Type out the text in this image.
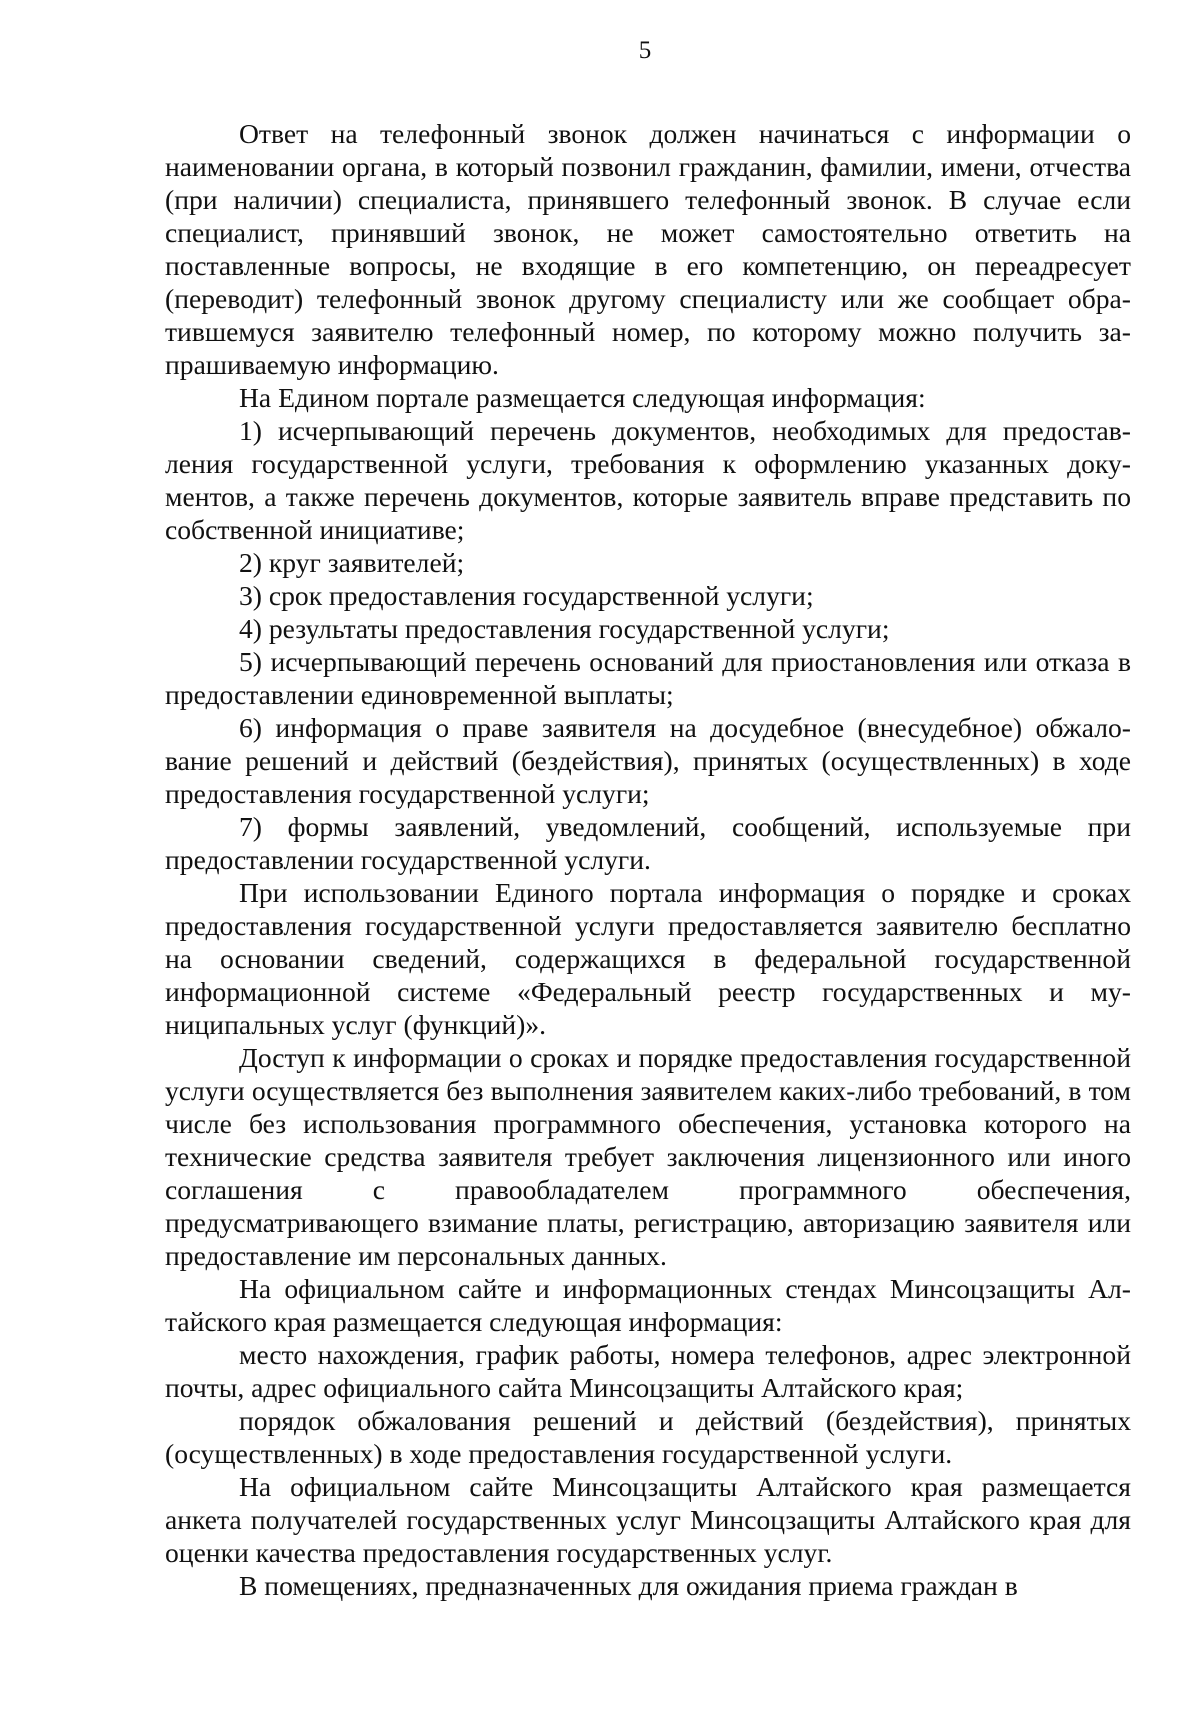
5

Ответ на телефонный звонок должен начинаться с информации о наименовании органа, в который позвонил гражданин, фамилии, имени, отчества (при наличии) специалиста, принявшего телефонный звонок. В случае если специалист, принявший звонок, не может самостоятельно ответить на поставленные вопросы, не входящие в его компетенцию, он переадресует (переводит) телефонный звонок другому специалисту или же сообщает обратившемуся заявителю телефонный номер, по которому можно получить запрашиваемую информацию.

На Едином портале размещается следующая информация:

1) исчерпывающий перечень документов, необходимых для предоставления государственной услуги, требования к оформлению указанных документов, а также перечень документов, которые заявитель вправе представить по собственной инициативе;

2) круг заявителей;

3) срок предоставления государственной услуги;

4) результаты предоставления государственной услуги;

5) исчерпывающий перечень оснований для приостановления или отказа в предоставлении единовременной выплаты;

6) информация о праве заявителя на досудебное (внесудебное) обжалование решений и действий (бездействия), принятых (осуществленных) в ходе предоставления государственной услуги;

7) формы заявлений, уведомлений, сообщений, используемые при предоставлении государственной услуги.

При использовании Единого портала информация о порядке и сроках предоставления государственной услуги предоставляется заявителю бесплатно на основании сведений, содержащихся в федеральной государственной информационной системе «Федеральный реестр государственных и муниципальных услуг (функций)».

Доступ к информации о сроках и порядке предоставления государственной услуги осуществляется без выполнения заявителем каких-либо требований, в том числе без использования программного обеспечения, установка которого на технические средства заявителя требует заключения лицензионного или иного соглашения с правообладателем программного обеспечения, предусматривающего взимание платы, регистрацию, авторизацию заявителя или предоставление им персональных данных.

На официальном сайте и информационных стендах Минсоцзащиты Алтайского края размещается следующая информация:

место нахождения, график работы, номера телефонов, адрес электронной почты, адрес официального сайта Минсоцзащиты Алтайского края;

порядок обжалования решений и действий (бездействия), принятых (осуществленных) в ходе предоставления государственной услуги.

На официальном сайте Минсоцзащиты Алтайского края размещается анкета получателей государственных услуг Минсоцзащиты Алтайского края для оценки качества предоставления государственных услуг.

В помещениях, предназначенных для ожидания приема граждан в
